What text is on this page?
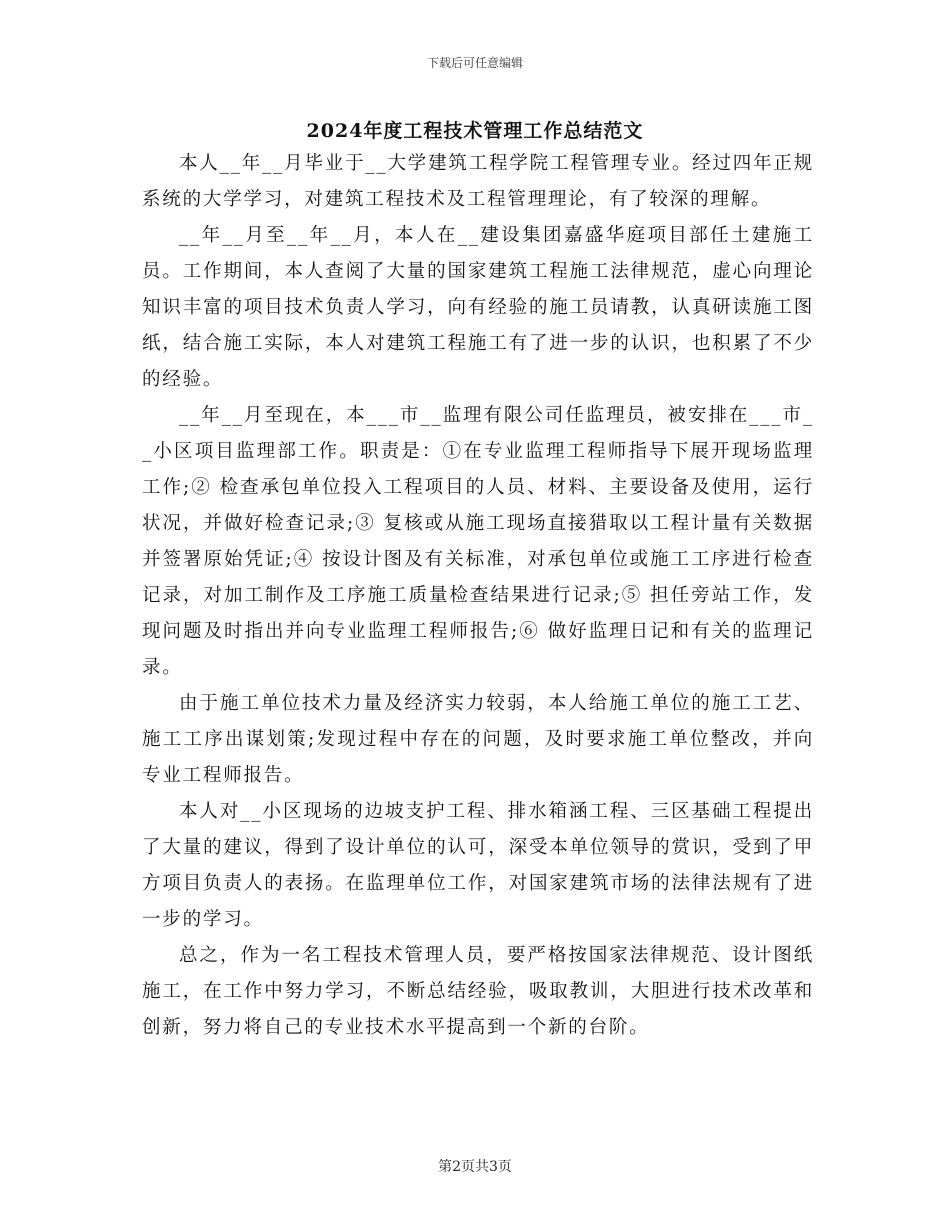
下载后可任意编辑
2024年度工程技术管理工作总结范文

本人__年__月毕业于__大学建筑工程学院工程管理专业。经过四年正规系统的大学学习，对建筑工程技术及工程管理理论，有了较深的理解。

__年__月至__年__月，本人在__建设集团嘉盛华庭项目部任土建施工员。工作期间，本人查阅了大量的国家建筑工程施工法律规范，虚心向理论知识丰富的项目技术负责人学习，向有经验的施工员请教，认真研读施工图纸，结合施工实际，本人对建筑工程施工有了进一步的认识，也积累了不少的经验。

__年__月至现在，本___市__监理有限公司任监理员，被安排在___市__小区项目监理部工作。职责是：①在专业监理工程师指导下展开现场监理工作;② 检查承包单位投入工程项目的人员、材料、主要设备及使用，运行状况，并做好检查记录;③ 复核或从施工现场直接猎取以工程计量有关数据并签署原始凭证;④ 按设计图及有关标准，对承包单位或施工工序进行检查记录，对加工制作及工序施工质量检查结果进行记录;⑤ 担任旁站工作，发现问题及时指出并向专业监理工程师报告;⑥ 做好监理日记和有关的监理记录。

由于施工单位技术力量及经济实力较弱，本人给施工单位的施工工艺、施工工序出谋划策;发现过程中存在的问题，及时要求施工单位整改，并向专业工程师报告。

本人对__小区现场的边坡支护工程、排水箱涵工程、三区基础工程提出了大量的建议，得到了设计单位的认可，深受本单位领导的赏识，受到了甲方项目负责人的表扬。在监理单位工作，对国家建筑市场的法律法规有了进一步的学习。

总之，作为一名工程技术管理人员，要严格按国家法律规范、设计图纸施工，在工作中努力学习，不断总结经验，吸取教训，大胆进行技术改革和创新，努力将自己的专业技术水平提高到一个新的台阶。

第2页共3页
